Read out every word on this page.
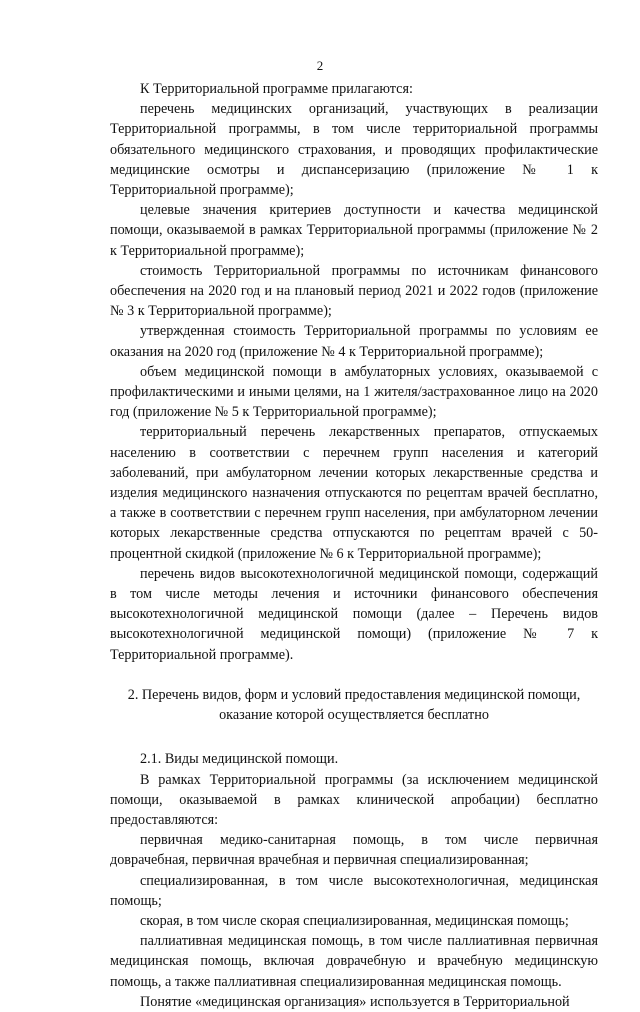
2

К Территориальной программе прилагаются:

перечень медицинских организаций, участвующих в реализации Территориальной программы, в том числе территориальной программы обязательного медицинского страхования, и проводящих профилактические медицинские осмотры и диспансеризацию (приложение № 1 к Территориальной программе);

целевые значения критериев доступности и качества медицинской помощи, оказываемой в рамках Территориальной программы (приложение № 2 к Территориальной программе);

стоимость Территориальной программы по источникам финансового обеспечения на 2020 год и на плановый период 2021 и 2022 годов (приложение № 3 к Территориальной программе);

утвержденная стоимость Территориальной программы по условиям ее оказания на 2020 год (приложение № 4 к Территориальной программе);

объем медицинской помощи в амбулаторных условиях, оказываемой с профилактическими и иными целями, на 1 жителя/застрахованное лицо на 2020 год (приложение № 5 к Территориальной программе);

территориальный перечень лекарственных препаратов, отпускаемых населению в соответствии с перечнем групп населения и категорий заболеваний, при амбулаторном лечении которых лекарственные средства и изделия медицинского назначения отпускаются по рецептам врачей бесплатно, а также в соответствии с перечнем групп населения, при амбулаторном лечении которых лекарственные средства отпускаются по рецептам врачей с 50-процентной скидкой (приложение № 6 к Территориальной программе);

перечень видов высокотехнологичной медицинской помощи, содержащий в том числе методы лечения и источники финансового обеспечения высокотехнологичной медицинской помощи (далее – Перечень видов высокотехнологичной медицинской помощи) (приложение № 7 к Территориальной программе).

2. Перечень видов, форм и условий предоставления медицинской помощи,
оказание которой осуществляется бесплатно

2.1. Виды медицинской помощи.

В рамках Территориальной программы (за исключением медицинской помощи, оказываемой в рамках клинической апробации) бесплатно предоставляются:

первичная медико-санитарная помощь, в том числе первичная доврачебная, первичная врачебная и первичная специализированная;

специализированная, в том числе высокотехнологичная, медицинская помощь;

скорая, в том числе скорая специализированная, медицинская помощь;

паллиативная медицинская помощь, в том числе паллиативная первичная медицинская помощь, включая доврачебную и врачебную медицинскую помощь, а также паллиативная специализированная медицинская помощь.

Понятие «медицинская организация» используется в Территориальной
